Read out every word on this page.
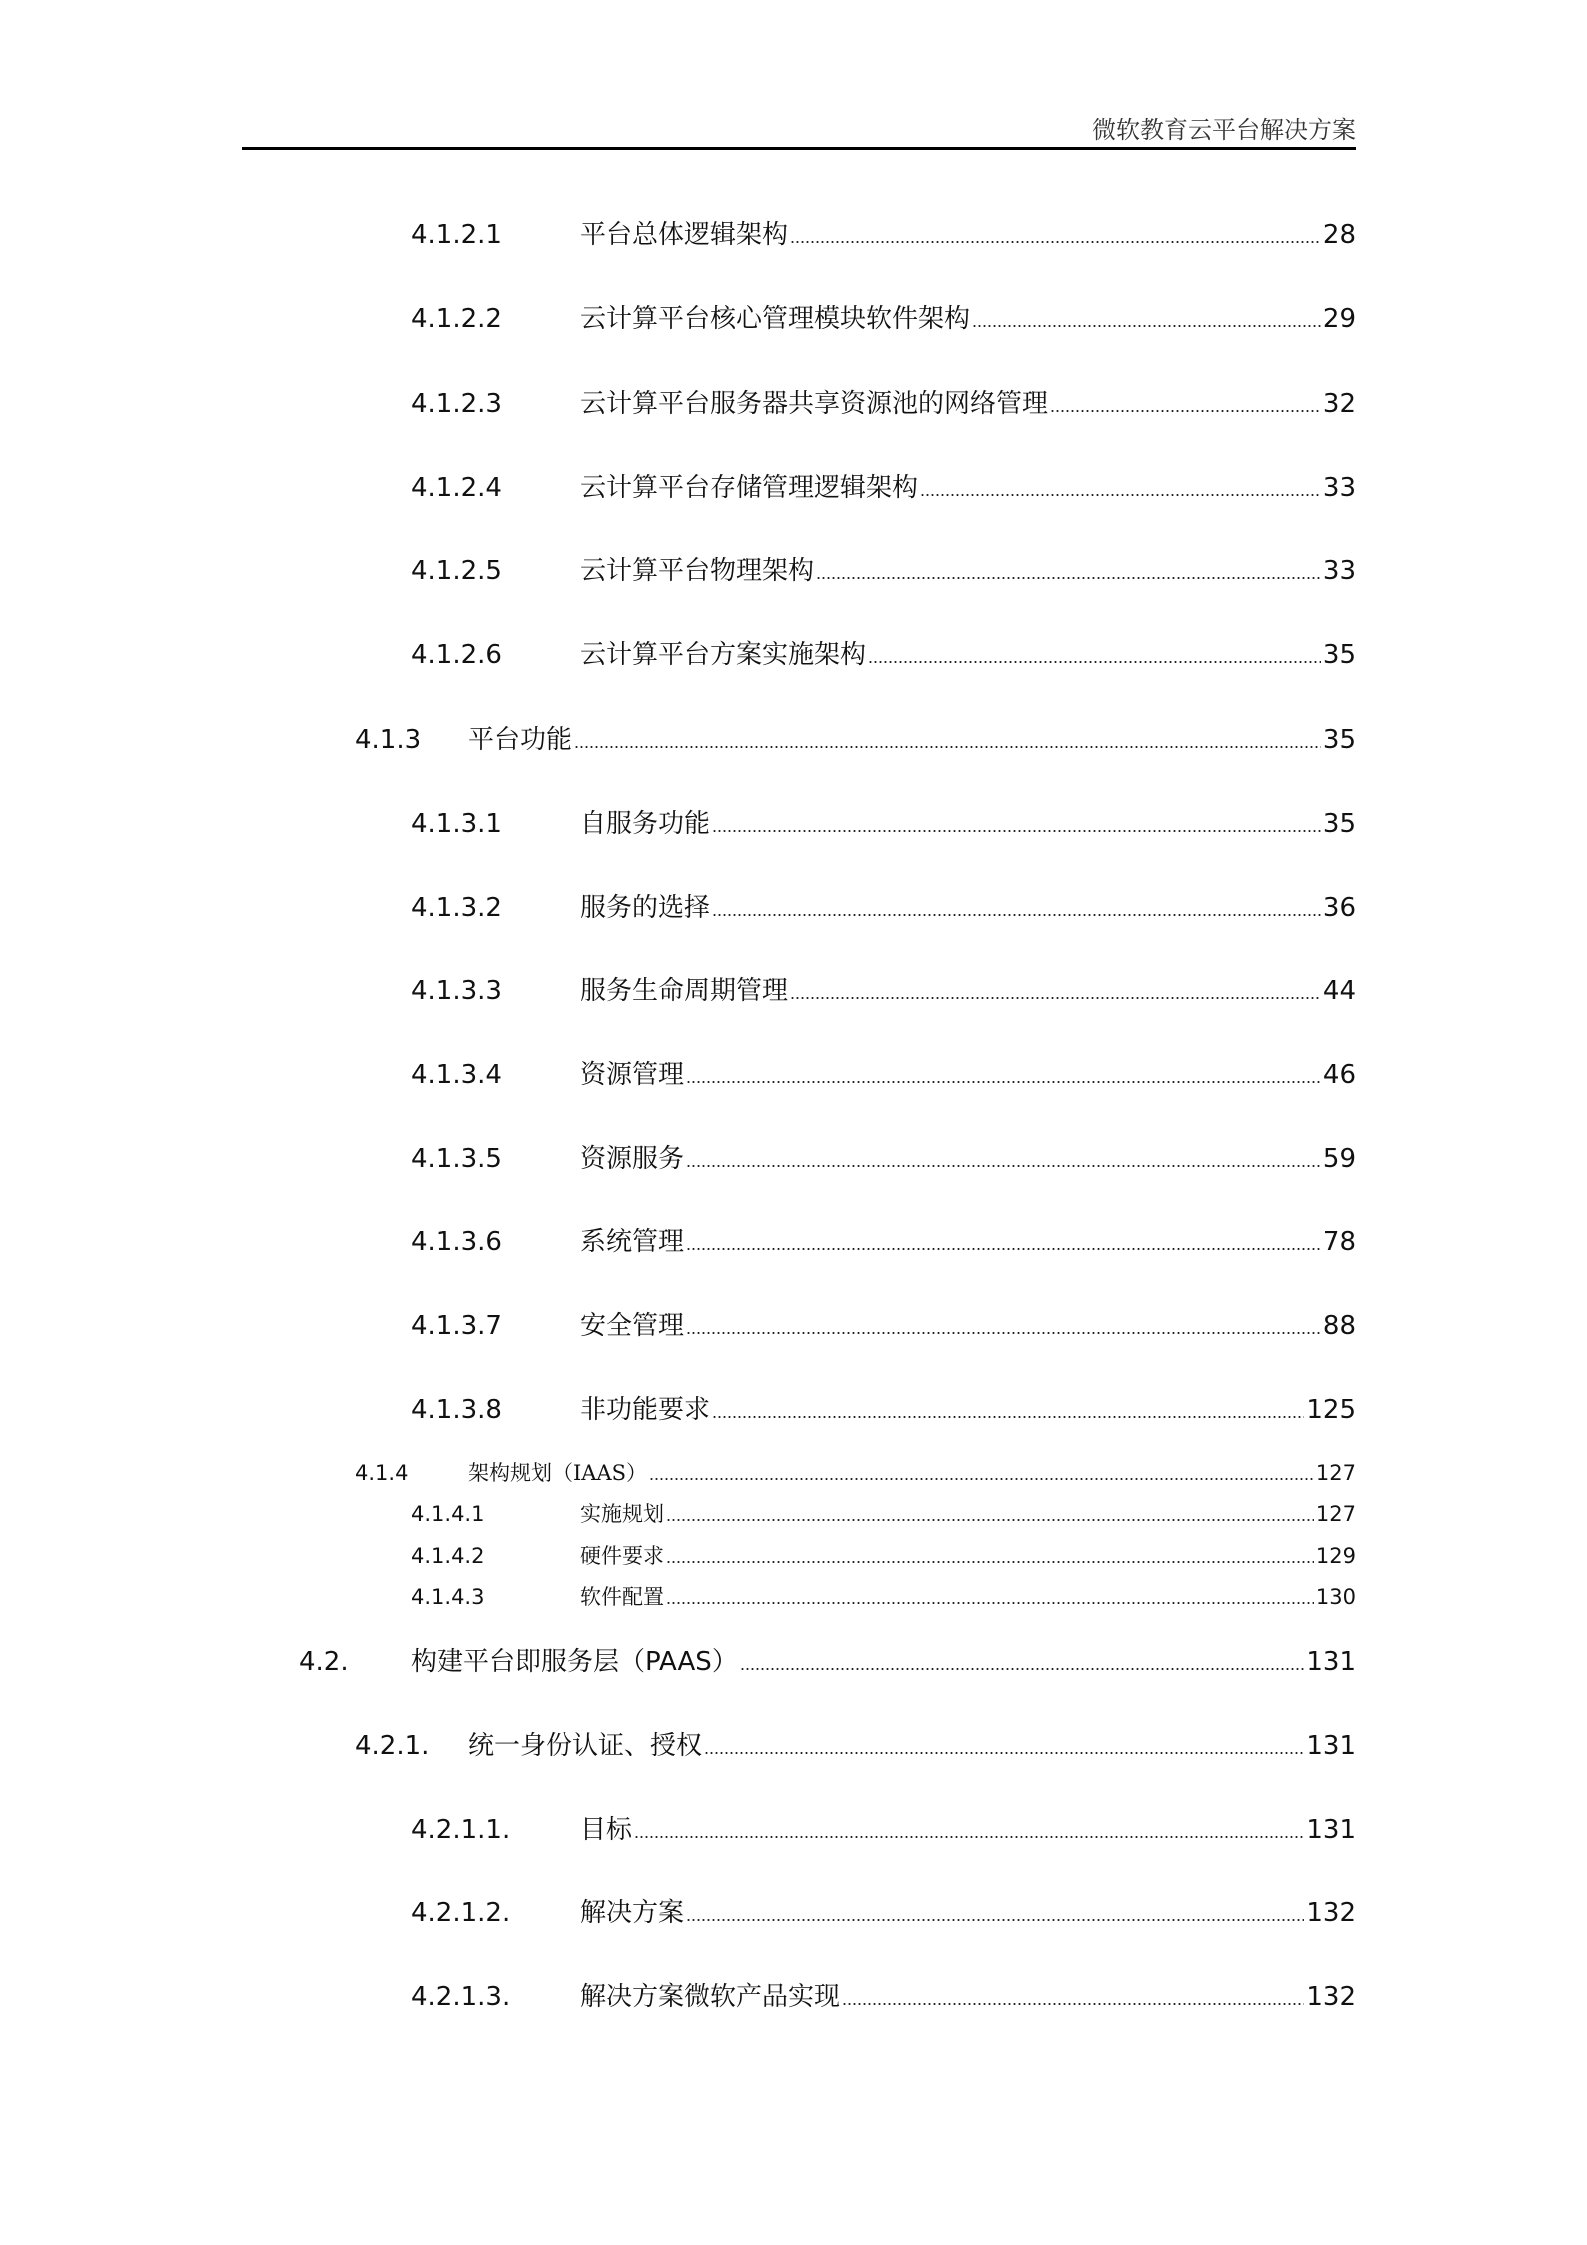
微软教育云平台解决方案
4.1.2.1	平台总体逻辑架构	28
4.1.2.2	云计算平台核心管理模块软件架构	29
4.1.2.3	云计算平台服务器共享资源池的网络管理	32
4.1.2.4	云计算平台存储管理逻辑架构	33
4.1.2.5	云计算平台物理架构	33
4.1.2.6	云计算平台方案实施架构	35
4.1.3 平台功能	35
4.1.3.1	自服务功能	35
4.1.3.2	服务的选择	36
4.1.3.3	服务生命周期管理	44
4.1.3.4	资源管理	46
4.1.3.5	资源服务	59
4.1.3.6	系统管理	78
4.1.3.7	安全管理	88
4.1.3.8	非功能要求	125
4.1.4	架构规划（IAAS）	127
4.1.4.1	实施规划	127
4.1.4.2	硬件要求	129
4.1.4.3	软件配置	130
4.2. 构建平台即服务层（PAAS）	131
4.2.1. 统一身份认证、授权	131
4.2.1.1.	目标	131
4.2.1.2.	解决方案	132
4.2.1.3.	解决方案微软产品实现	132
